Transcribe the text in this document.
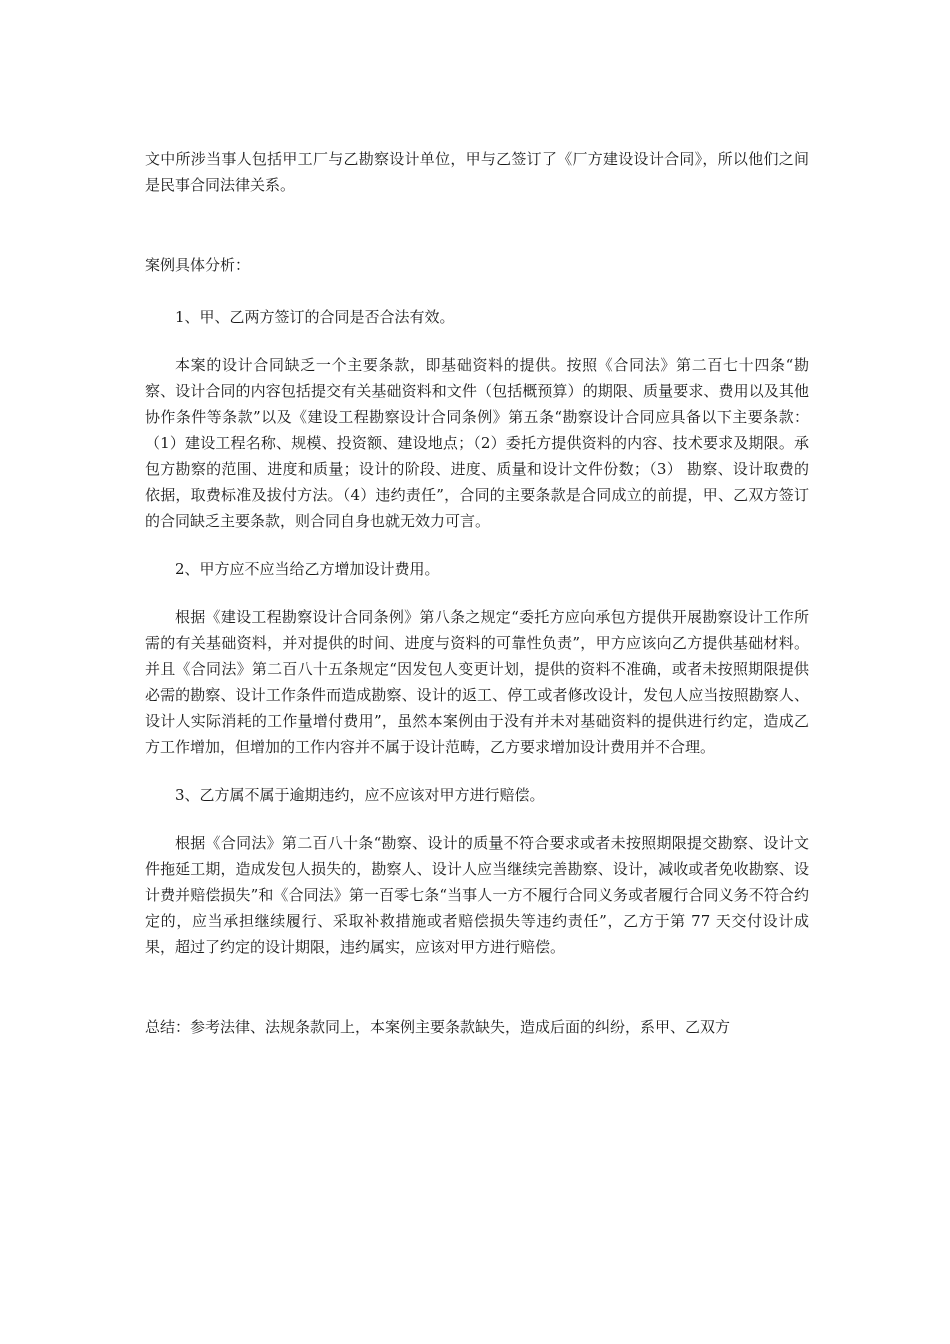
文中所涉当事人包括甲工厂与乙勘察设计单位，甲与乙签订了《厂方建设设计合同》，所以他们之间是民事合同法律关系。

案例具体分析：

1、甲、乙两方签订的合同是否合法有效。

本案的设计合同缺乏一个主要条款，即基础资料的提供。按照《合同法》第二百七十四条“勘察、设计合同的内容包括提交有关基础资料和文件（包括概预算）的期限、质量要求、费用以及其他协作条件等条款”以及《建设工程勘察设计合同条例》第五条“勘察设计合同应具备以下主要条款：（1）建设工程名称、规模、投资额、建设地点；（2）委托方提供资料的内容、技术要求及期限。承包方勘察的范围、进度和质量；设计的阶段、进度、质量和设计文件份数；（3） 勘察、设计取费的依据，取费标准及拔付方法。（4）违约责任”，合同的主要条款是合同成立的前提，甲、乙双方签订的合同缺乏主要条款，则合同自身也就无效力可言。

2、甲方应不应当给乙方增加设计费用。

根据《建设工程勘察设计合同条例》第八条之规定“委托方应向承包方提供开展勘察设计工作所需的有关基础资料，并对提供的时间、进度与资料的可靠性负责”，甲方应该向乙方提供基础材料。并且《合同法》第二百八十五条规定“因发包人变更计划，提供的资料不准确，或者未按照期限提供必需的勘察、设计工作条件而造成勘察、设计的返工、停工或者修改设计，发包人应当按照勘察人、设计人实际消耗的工作量增付费用”，虽然本案例由于没有并未对基础资料的提供进行约定，造成乙方工作增加，但增加的工作内容并不属于设计范畴，乙方要求增加设计费用并不合理。

3、乙方属不属于逾期违约，应不应该对甲方进行赔偿。

根据《合同法》第二百八十条“勘察、设计的质量不符合要求或者未按照期限提交勘察、设计文件拖延工期，造成发包人损失的，勘察人、设计人应当继续完善勘察、设计，减收或者免收勘察、设计费并赔偿损失”和《合同法》第一百零七条“当事人一方不履行合同义务或者履行合同义务不符合约定的，应当承担继续履行、采取补救措施或者赔偿损失等违约责任”，乙方于第 77 天交付设计成果，超过了约定的设计期限，违约属实，应该对甲方进行赔偿。

总结：参考法律、法规条款同上，本案例主要条款缺失，造成后面的纠纷，系甲、乙双方
